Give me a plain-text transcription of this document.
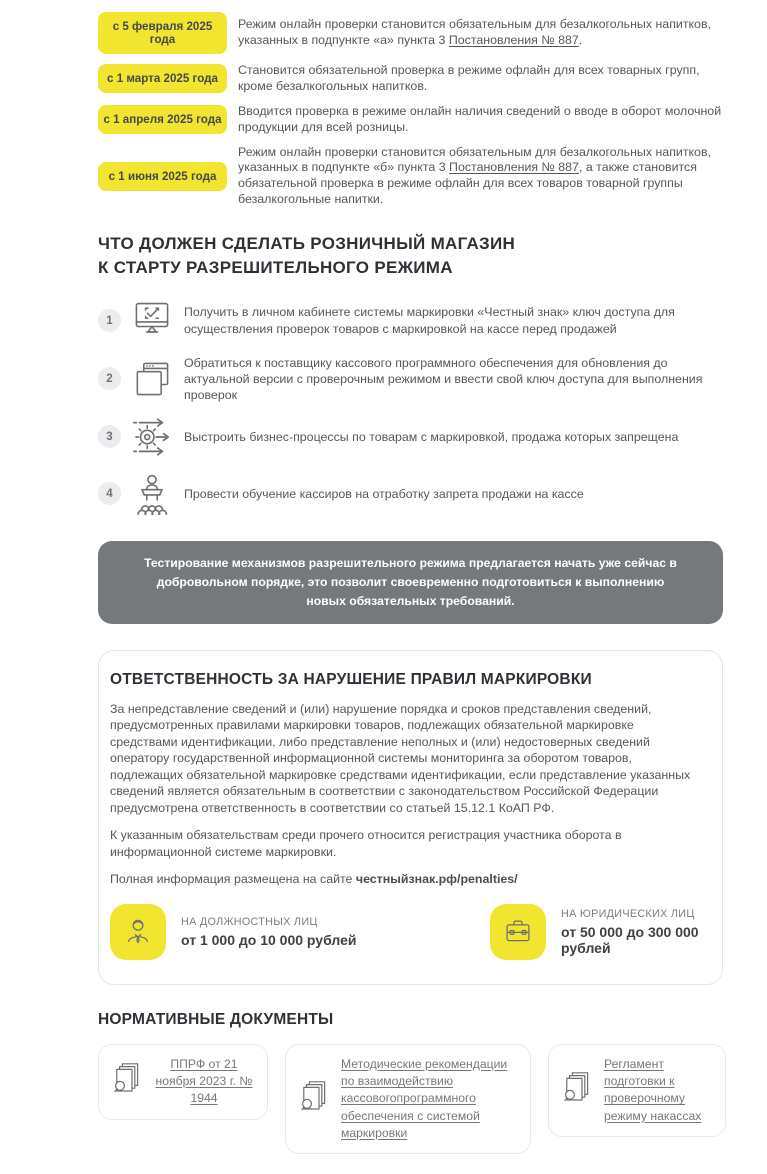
с 5 февраля 2025 года
Режим онлайн проверки становится обязательным для безалкогольных напитков, указанных в подпункте «а» пункта 3 Постановления № 887.
с 1 марта 2025 года
Становится обязательной проверка в режиме офлайн для всех товарных групп, кроме безалкогольных напитков.
с 1 апреля 2025 года
Вводится проверка в режиме онлайн наличия сведений о вводе в оборот молочной продукции для всей розницы.
с 1 июня 2025 года
Режим онлайн проверки становится обязательным для безалкогольных напитков, указанных в подпункте «б» пункта 3 Постановления № 887, а также становится обязательной проверка в режиме офлайн для всех товаров товарной группы безалкогольные напитки.
ЧТО ДОЛЖЕН СДЕЛАТЬ РОЗНИЧНЫЙ МАГАЗИН
К СТАРТУ РАЗРЕШИТЕЛЬНОГО РЕЖИМА
1
Получить в личном кабинете системы маркировки «Честный знак» ключ доступа для осуществления проверок товаров с маркировкой на кассе перед продажей
2
Обратиться к поставщику кассового программного обеспечения для обновления до актуальной версии с проверочным режимом и ввести свой ключ доступа для выполнения проверок
3	Выстроить бизнес-процессы по товарам с маркировкой, продажа которых запрещена
4	Провести обучение кассиров на отработку запрета продажи на кассе
Тестирование механизмов разрешительного режима предлагается начать уже сейчас в добровольном порядке, это позволит своевременно подготовиться к выполнению новых обязательных требований.
ОТВЕТСТВЕННОСТЬ ЗА НАРУШЕНИЕ ПРАВИЛ МАРКИРОВКИ

За непредставление сведений и (или) нарушение порядка и сроков представления сведений, предусмотренных правилами маркировки товаров, подлежащих обязательной маркировке средствами идентификации, либо представление неполных и (или) недостоверных сведений оператору государственной информационной системы мониторинга за оборотом товаров, подлежащих обязательной маркировке средствами идентификации, если представление указанных сведений является обязательным в соответствии с законодательством Российской Федерации предусмотрена ответственность в соответствии со статьей 15.12.1 КоАП РФ.

К указанным обязательствам среди прочего относится регистрация участника оборота в информационной системе маркировки.

Полная информация размещена на сайте честныйзнак.рф/penalties/

НА ДОЛЖНОСТНЫХ ЛИЦ
от 1 000 до 10 000 рублей
НА ЮРИДИЧЕСКИХ ЛИЦ
от 50 000 до 300 000 рублей
НОРМАТИВНЫЕ ДОКУМЕНТЫ
ППРФ от 21 ноября 2023 г. № 1944
Методические рекомендации по взаимодействию кассовогопрограммного обеспечения с системой маркировки
Регламент подготовки к проверочному режиму накассах
